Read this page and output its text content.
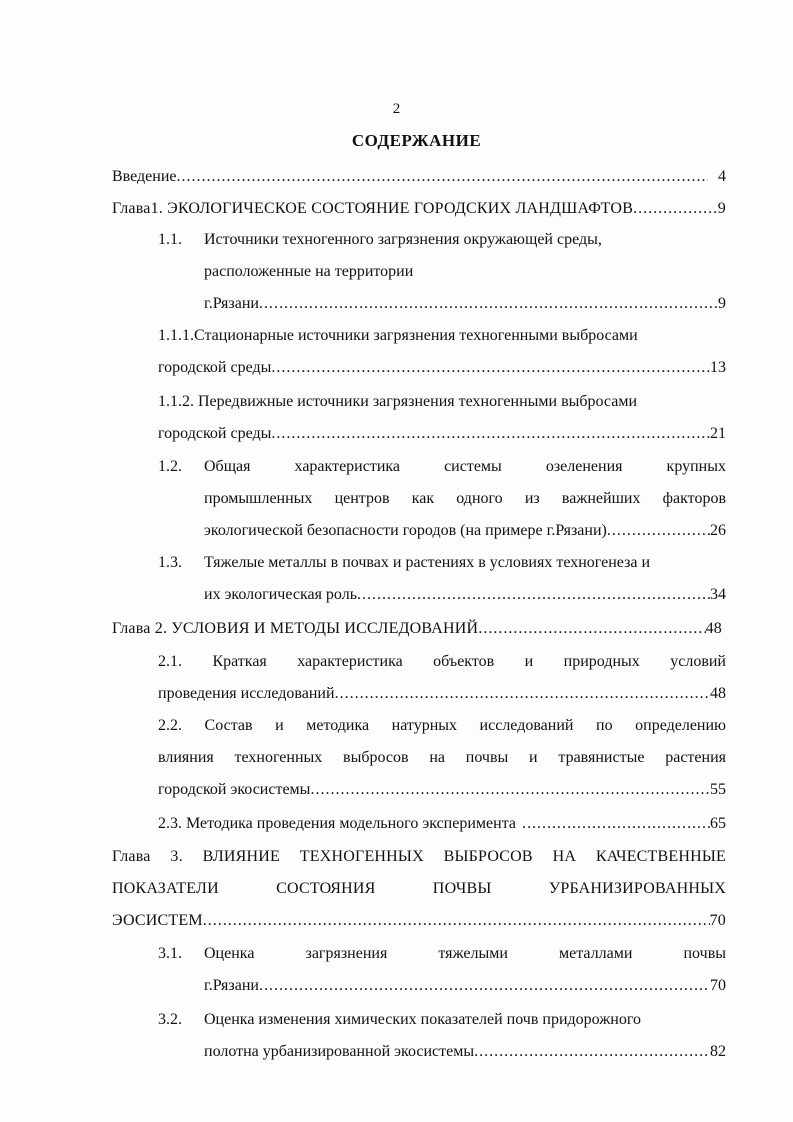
2
СОДЕРЖАНИЕ
Введение .....	4
Глава1. ЭКОЛОГИЧЕСКОЕ СОСТОЯНИЕ ГОРОДСКИХ ЛАНДШАФТОВ .....	9
1.1. Источники техногенного загрязнения окружающей среды,
расположенные на территории
г.Рязани .....	9
1.1.1.Стационарные источники загрязнения техногенными выбросами
городской среды .....	13
1.1.2. Передвижные источники загрязнения техногенными выбросами
городской среды .....	21
1.2. Общая характеристика системы озеленения крупных
промышленных центров как одного из важнейших факторов
экологической безопасности городов (на примере г.Рязани) .....	26
1.3. Тяжелые металлы в почвах и растениях в условиях техногенеза и
их экологическая роль .....	34
Глава 2. УСЛОВИЯ И МЕТОДЫ ИССЛЕДОВАНИЙ .....	48
2.1. Краткая характеристика объектов и природных условий
проведения исследований .....	48
2.2. Состав и методика натурных исследований по определению
влияния техногенных выбросов на почвы и травянистые растения
городской экосистемы .....	55
2.3. Методика проведения модельного эксперимента .....	65
Глава 3. ВЛИЯНИЕ ТЕХНОГЕННЫХ ВЫБРОСОВ НА КАЧЕСТВЕННЫЕ
ПОКАЗАТЕЛИ СОСТОЯНИЯ ПОЧВЫ УРБАНИЗИРОВАННЫХ
ЭОСИСТЕМ .....	70
3.1. Оценка загрязнения тяжелыми металлами почвы
г.Рязани .....	70
3.2. Оценка изменения химических показателей почв придорожного
полотна урбанизированной экосистемы .....	82
